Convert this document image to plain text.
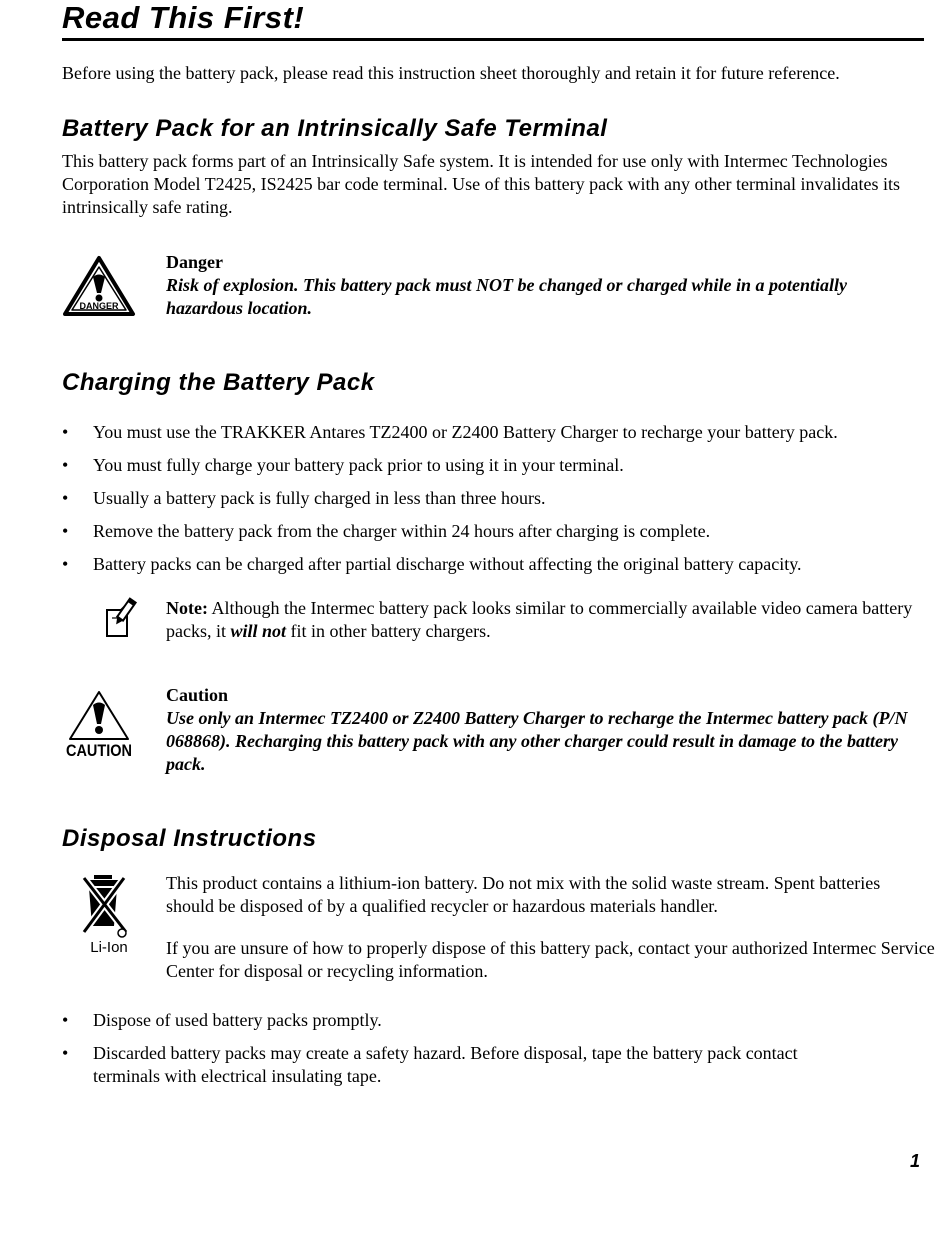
Read This First!
Before using the battery pack, please read this instruction sheet thoroughly and retain it for future reference.
Battery Pack for an Intrinsically Safe Terminal
This battery pack forms part of an Intrinsically Safe system. It is intended for use only with Intermec Technologies Corporation Model T2425, IS2425 bar code terminal. Use of this battery pack with any other terminal invalidates its intrinsically safe rating.
DANGER
Danger
Risk of explosion. This battery pack must NOT be changed or charged while in a potentially hazardous location.
Charging the Battery Pack
• You must use the TRAKKER Antares TZ2400 or Z2400 Battery Charger to recharge your battery pack.
• You must fully charge your battery pack prior to using it in your terminal.
• Usually a battery pack is fully charged in less than three hours.
• Remove the battery pack from the charger within 24 hours after charging is complete.
• Battery packs can be charged after partial discharge without affecting the original battery capacity.
Note: Although the Intermec battery pack looks similar to commercially available video camera battery packs, it will not fit in other battery chargers.
CAUTION
Caution
Use only an Intermec TZ2400 or Z2400 Battery Charger to recharge the Intermec battery pack (P/N 068868). Recharging this battery pack with any other charger could result in damage to the battery pack.
Disposal Instructions
Li-Ion
This product contains a lithium-ion battery. Do not mix with the solid waste stream. Spent batteries should be disposed of by a qualified recycler or hazardous materials handler.
If you are unsure of how to properly dispose of this battery pack, contact your authorized Intermec Service Center for disposal or recycling information.
• Dispose of used battery packs promptly.
• Discarded battery packs may create a safety hazard. Before disposal, tape the battery pack contact terminals with electrical insulating tape.
1
